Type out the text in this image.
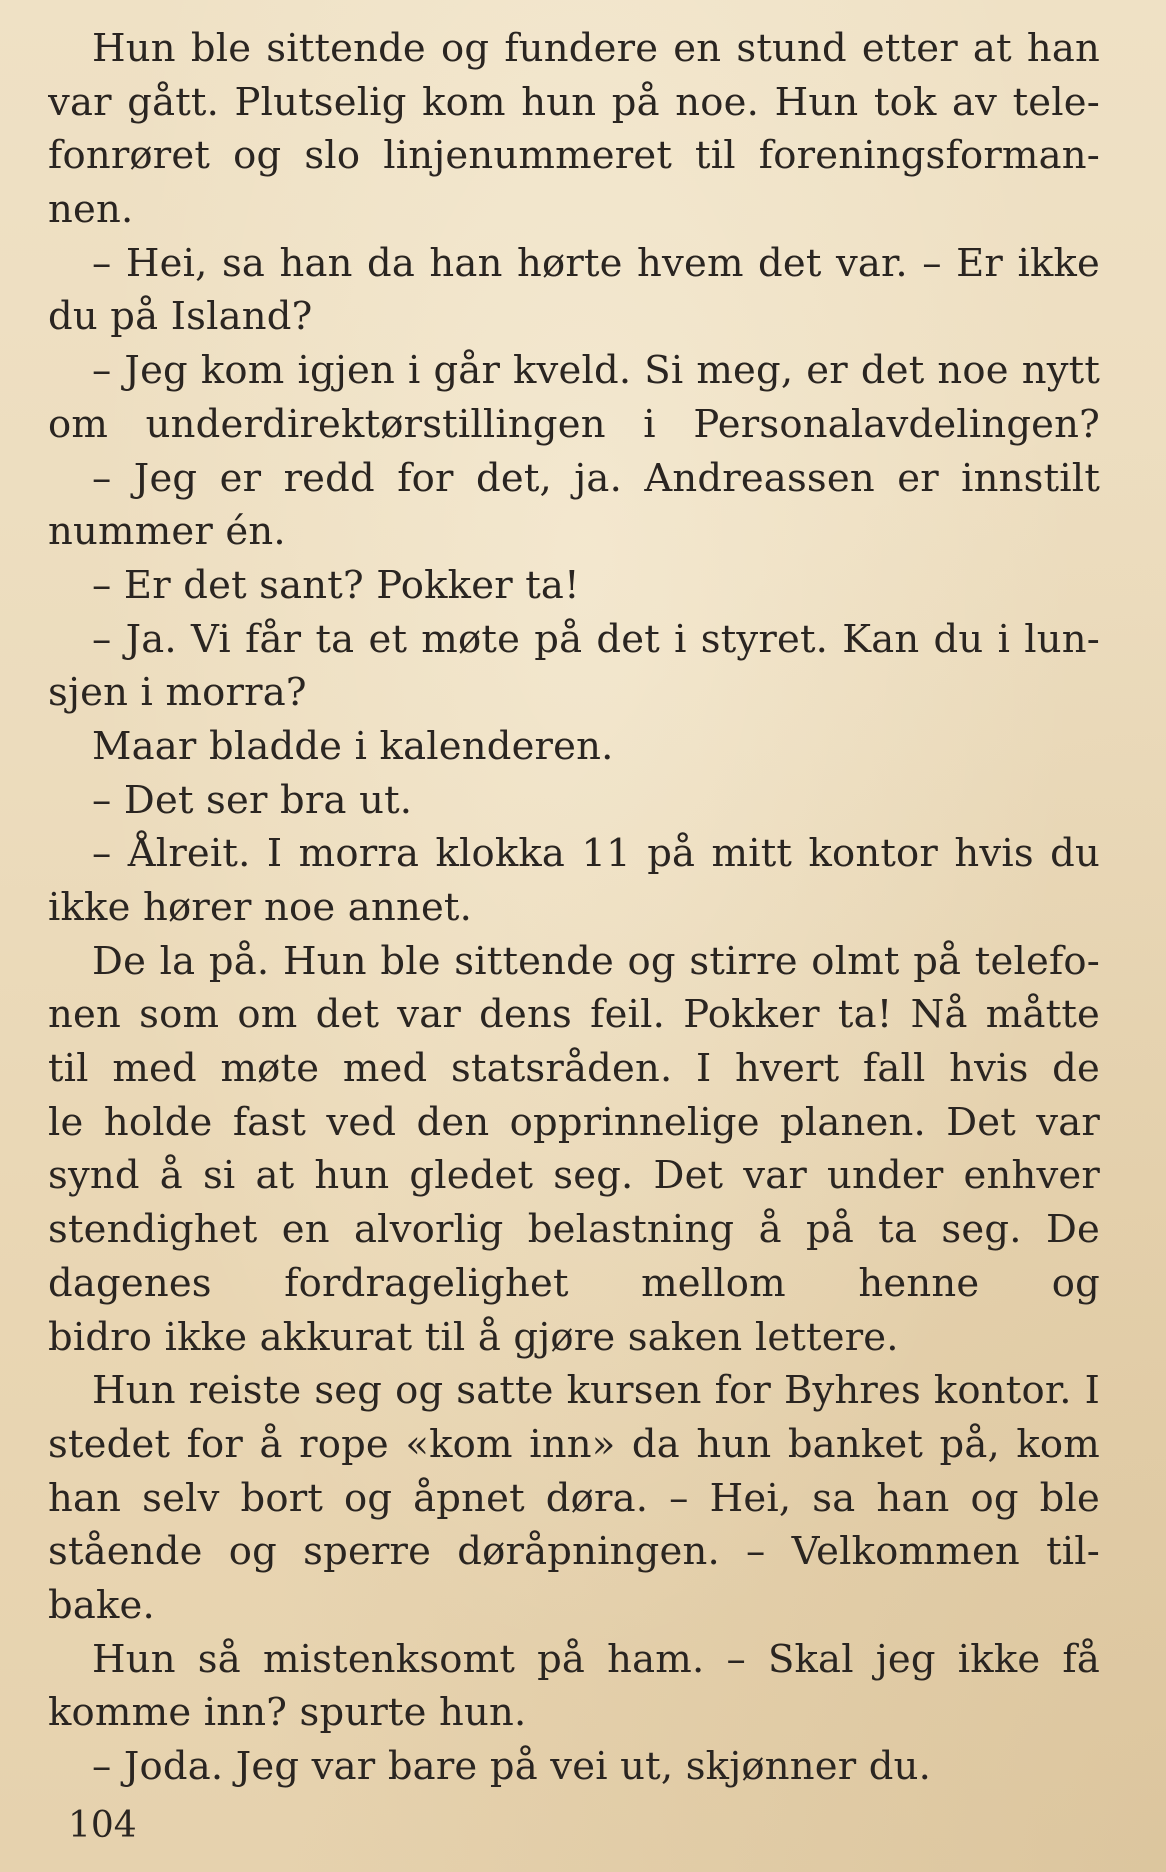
Hun ble sittende og fundere en stund etter at han
var gått. Plutselig kom hun på noe. Hun tok av tele-
fonrøret og slo linjenummeret til foreningsforman-
nen.
– Hei, sa han da han hørte hvem det var. – Er ikke
du på Island?
– Jeg kom igjen i går kveld. Si meg, er det noe nytt
om underdirektørstillingen i Personalavdelingen?
– Jeg er redd for det, ja. Andreassen er innstilt
nummer én.
– Er det sant? Pokker ta!
– Ja. Vi får ta et møte på det i styret. Kan du i lun-
sjen i morra?
Maar bladde i kalenderen.
– Det ser bra ut.
– Ålreit. I morra klokka 11 på mitt kontor hvis du
ikke hører noe annet.
De la på. Hun ble sittende og stirre olmt på telefo-
nen som om det var dens feil. Pokker ta! Nå måtte
til med møte med statsråden. I hvert fall hvis de
le holde fast ved den opprinnelige planen. Det var
synd å si at hun gledet seg. Det var under enhver
stendighet en alvorlig belastning å på ta seg. De
dagenes fordragelighet mellom henne og
bidro ikke akkurat til å gjøre saken lettere.
Hun reiste seg og satte kursen for Byhres kontor. I
stedet for å rope «kom inn» da hun banket på, kom
han selv bort og åpnet døra. – Hei, sa han og ble
stående og sperre døråpningen. – Velkommen til-
bake.
Hun så mistenksomt på ham. – Skal jeg ikke få
komme inn? spurte hun.
– Joda. Jeg var bare på vei ut, skjønner du.
104
